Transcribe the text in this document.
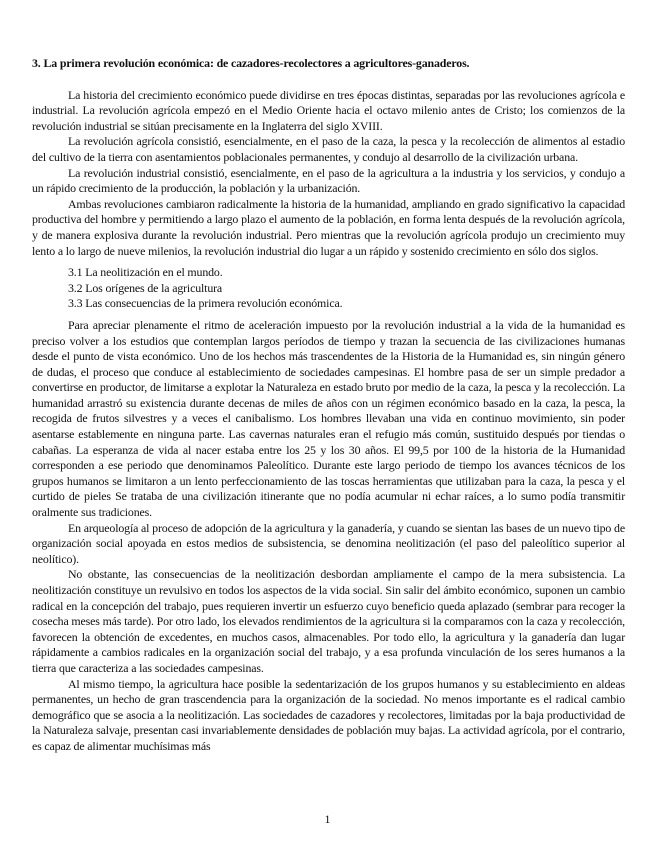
3. La primera revolución económica: de cazadores-recolectores a agricultores-ganaderos.

La historia del crecimiento económico puede dividirse en tres épocas distintas, separadas por las revoluciones agrícola e industrial. La revolución agrícola empezó en el Medio Oriente hacia el octavo milenio antes de Cristo; los comienzos de la revolución industrial se sitúan precisamente en la Inglaterra del siglo XVIII.

La revolución agrícola consistió, esencialmente, en el paso de la caza, la pesca y la recolección de alimentos al estadio del cultivo de la tierra con asentamientos poblacionales permanentes, y condujo al desarrollo de la civilización urbana.

La revolución industrial consistió, esencialmente, en el paso de la agricultura a la industria y los servicios, y condujo a un rápido crecimiento de la producción, la población y la urbanización.

Ambas revoluciones cambiaron radicalmente la historia de la humanidad, ampliando en grado significativo la capacidad productiva del hombre y permitiendo a largo plazo el aumento de la población, en forma lenta después de la revolución agrícola, y de manera explosiva durante la revolución industrial. Pero mientras que la revolución agrícola produjo un crecimiento muy lento a lo largo de nueve milenios, la revolución industrial dio lugar a un rápido y sostenido crecimiento en sólo dos siglos.

3.1 La neolitización en el mundo.
3.2 Los orígenes de la agricultura
3.3 Las consecuencias de la primera revolución económica.

Para apreciar plenamente el ritmo de aceleración impuesto por la revolución industrial a la vida de la humanidad es preciso volver a los estudios que contemplan largos períodos de tiempo y trazan la secuencia de las civilizaciones humanas desde el punto de vista económico. Uno de los hechos más trascendentes de la Historia de la Humanidad es, sin ningún género de dudas, el proceso que conduce al establecimiento de sociedades campesinas. El hombre pasa de ser un simple predador a convertirse en productor, de limitarse a explotar la Naturaleza en estado bruto por medio de la caza, la pesca y la recolección. La humanidad arrastró su existencia durante decenas de miles de años con un régimen económico basado en la caza, la pesca, la recogida de frutos silvestres y a veces el canibalismo. Los hombres llevaban una vida en continuo movimiento, sin poder asentarse establemente en ninguna parte. Las cavernas naturales eran el refugio más común, sustituido después por tiendas o cabañas. La esperanza de vida al nacer estaba entre los 25 y los 30 años. El 99,5 por 100 de la historia de la Humanidad corresponden a ese periodo que denominamos Paleolítico. Durante este largo periodo de tiempo los avances técnicos de los grupos humanos se limitaron a un lento perfeccionamiento de las toscas herramientas que utilizaban para la caza, la pesca y el curtido de pieles Se trataba de una civilización itinerante que no podía acumular ni echar raíces, a lo sumo podía transmitir oralmente sus tradiciones.

En arqueología al proceso de adopción de la agricultura y la ganadería, y cuando se sientan las bases de un nuevo tipo de organización social apoyada en estos medios de subsistencia, se denomina neolitización (el paso del paleolítico superior al neolítico).

No obstante, las consecuencias de la neolitización desbordan ampliamente el campo de la mera subsistencia. La neolitización constituye un revulsivo en todos los aspectos de la vida social. Sin salir del ámbito económico, suponen un cambio radical en la concepción del trabajo, pues requieren invertir un esfuerzo cuyo beneficio queda aplazado (sembrar para recoger la cosecha meses más tarde). Por otro lado, los elevados rendimientos de la agricultura si la comparamos con la caza y recolección, favorecen la obtención de excedentes, en muchos casos, almacenables. Por todo ello, la agricultura y la ganadería dan lugar rápidamente a cambios radicales en la organización social del trabajo, y a esa profunda vinculación de los seres humanos a la tierra que caracteriza a las sociedades campesinas.

Al mismo tiempo, la agricultura hace posible la sedentarización de los grupos humanos y su establecimiento en aldeas permanentes, un hecho de gran trascendencia para la organización de la sociedad. No menos importante es el radical cambio demográfico que se asocia a la neolitización. Las sociedades de cazadores y recolectores, limitadas por la baja productividad de la Naturaleza salvaje, presentan casi invariablemente densidades de población muy bajas. La actividad agrícola, por el contrario, es capaz de alimentar muchísimas más

1
